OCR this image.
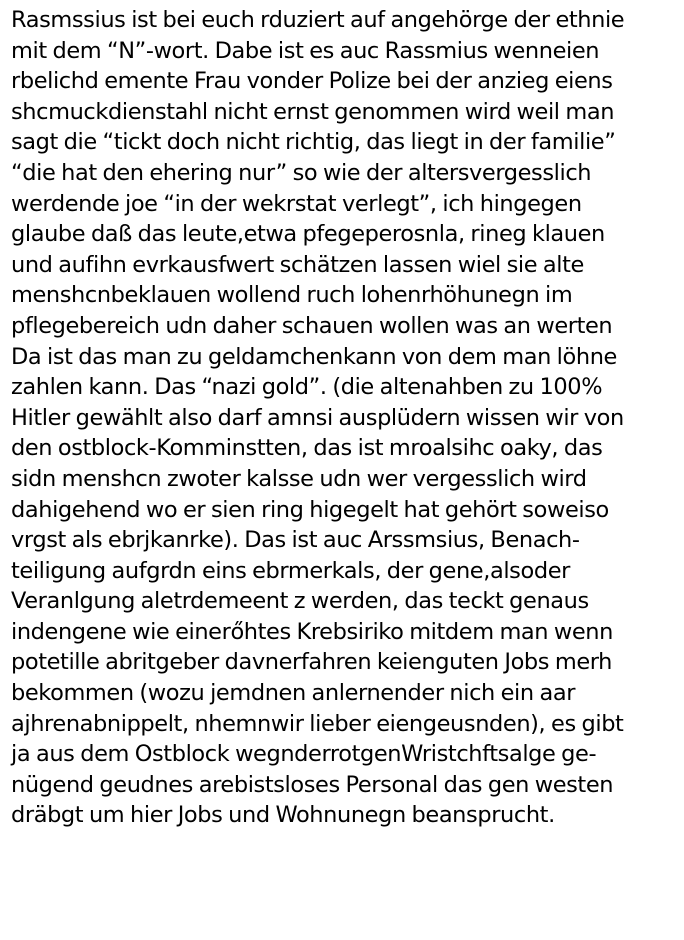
Rasmssius ist bei euch rduziert auf angehörge der ethnie
mit dem “N”-wort. Dabe ist es auc Rassmius wenneien
rbelichd emente Frau vonder Polize bei der anzieg eiens
shcmuckdienstahl nicht ernst genommen wird weil man
sagt die “tickt doch nicht richtig, das liegt in der familie”
“die hat den ehering nur” so wie der altersvergesslich
werdende joe “in der wekrstat verlegt”, ich hingegen
glaube daß das leute,etwa pfegeperosnla, rineg klauen
und aufihn evrkausfwert schätzen lassen wiel sie alte
menshcnbeklauen wollend ruch lohenrhöhunegn im
pflegebereich udn daher schauen wollen was an werten
Da ist das man zu geldamchenkann von dem man löhne
zahlen kann. Das “nazi gold”. (die altenahben zu 100%
Hitler gewählt also darf amnsi ausplüdern wissen wir von
den ostblock-Komminstten, das ist mroalsihc oaky, das
sidn menshcn zwoter kalsse udn wer vergesslich wird
dahigehend wo er sien ring higegelt hat gehört soweiso
vrgst als ebrjkanrke). Das ist auc Arssmsius, Benach-
teiligung aufgrdn eins ebrmerkals, der gene,alsoder
Veranlgung aletrdemeent z werden, das teckt genaus
indengene wie einerőhtes Krebsiriko mitdem man wenn
potetille abritgeber davnerfahren keienguten Jobs merh
bekommen (wozu jemdnen anlernender nich ein aar
ajhrenabnippelt, nhemnwir lieber eiengeusnden), es gibt
ja aus dem Ostblock wegnderrotgenWristchftsalge ge-
nügend geudnes arebistsloses Personal das gen westen
dräbgt um hier Jobs und Wohnunegn beansprucht.
